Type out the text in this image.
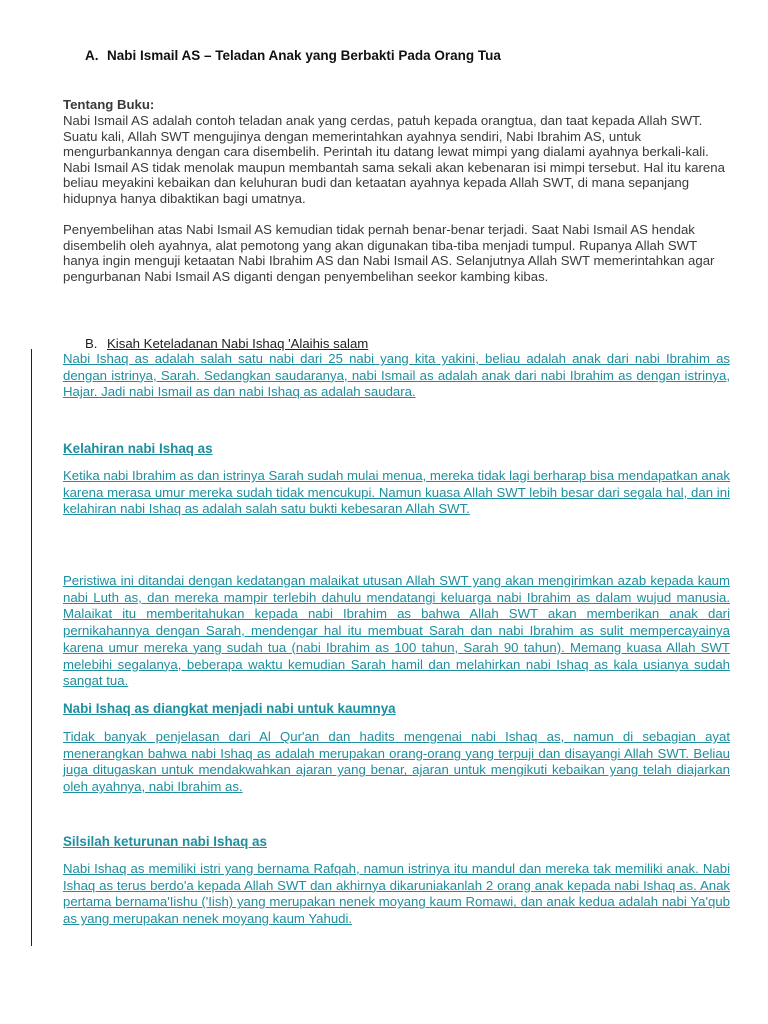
A. Nabi Ismail AS – Teladan Anak yang Berbakti Pada Orang Tua
Tentang Buku:
Nabi Ismail AS adalah contoh teladan anak yang cerdas, patuh kepada orangtua, dan taat kepada Allah SWT. Suatu kali, Allah SWT mengujinya dengan memerintahkan ayahnya sendiri, Nabi Ibrahim AS, untuk mengurbankannya dengan cara disembelih. Perintah itu datang lewat mimpi yang dialami ayahnya berkali-kali. Nabi Ismail AS tidak menolak maupun membantah sama sekali akan kebenaran isi mimpi tersebut. Hal itu karena beliau meyakini kebaikan dan keluhuran budi dan ketaatan ayahnya kepada Allah SWT, di mana sepanjang hidupnya hanya dibaktikan bagi umatnya.
Penyembelihan atas Nabi Ismail AS kemudian tidak pernah benar-benar terjadi. Saat Nabi Ismail AS hendak disembelih oleh ayahnya, alat pemotong yang akan digunakan tiba-tiba menjadi tumpul. Rupanya Allah SWT hanya ingin menguji ketaatan Nabi Ibrahim AS dan Nabi Ismail AS. Selanjutnya Allah SWT memerintahkan agar pengurbanan Nabi Ismail AS diganti dengan penyembelihan seekor kambing kibas.
B. Kisah Keteladanan Nabi Ishaq 'Alaihis salam
Nabi Ishaq as adalah salah satu nabi dari 25 nabi yang kita yakini, beliau adalah anak dari nabi Ibrahim as dengan istrinya, Sarah. Sedangkan saudaranya, nabi Ismail as adalah anak dari nabi Ibrahim as dengan istrinya, Hajar. Jadi nabi Ismail as dan nabi Ishaq as adalah saudara.
Kelahiran nabi Ishaq as
Ketika nabi Ibrahim as dan istrinya Sarah sudah mulai menua, mereka tidak lagi berharap bisa mendapatkan anak karena merasa umur mereka sudah tidak mencukupi. Namun kuasa Allah SWT lebih besar dari segala hal, dan ini kelahiran nabi Ishaq as adalah salah satu bukti kebesaran Allah SWT.
Peristiwa ini ditandai dengan kedatangan malaikat utusan Allah SWT yang akan mengirimkan azab kepada kaum nabi Luth as, dan mereka mampir terlebih dahulu mendatangi keluarga nabi Ibrahim as dalam wujud manusia. Malaikat itu memberitahukan kepada nabi Ibrahim as bahwa Allah SWT akan memberikan anak dari pernikahannya dengan Sarah, mendengar hal itu membuat Sarah dan nabi Ibrahim as sulit mempercayainya karena umur mereka yang sudah tua (nabi Ibrahim as 100 tahun, Sarah 90 tahun). Memang kuasa Allah SWT melebihi segalanya, beberapa waktu kemudian Sarah hamil dan melahirkan nabi Ishaq as kala usianya sudah sangat tua.
Nabi Ishaq as diangkat menjadi nabi untuk kaumnya
Tidak banyak penjelasan dari Al Qur'an dan hadits mengenai nabi Ishaq as, namun di sebagian ayat menerangkan bahwa nabi Ishaq as adalah merupakan orang-orang yang terpuji dan disayangi Allah SWT. Beliau juga ditugaskan untuk mendakwahkan ajaran yang benar, ajaran untuk mengikuti kebaikan yang telah diajarkan oleh ayahnya, nabi Ibrahim as.
Silsilah keturunan nabi Ishaq as
Nabi Ishaq as memiliki istri yang bernama Rafqah, namun istrinya itu mandul dan mereka tak memiliki anak. Nabi Ishaq as terus berdo'a kepada Allah SWT dan akhirnya dikaruniakanlah 2 orang anak kepada nabi Ishaq as. Anak pertama bernama'Iishu ('Iish) yang merupakan nenek moyang kaum Romawi, dan anak kedua adalah nabi Ya'qub as yang merupakan nenek moyang kaum Yahudi.
